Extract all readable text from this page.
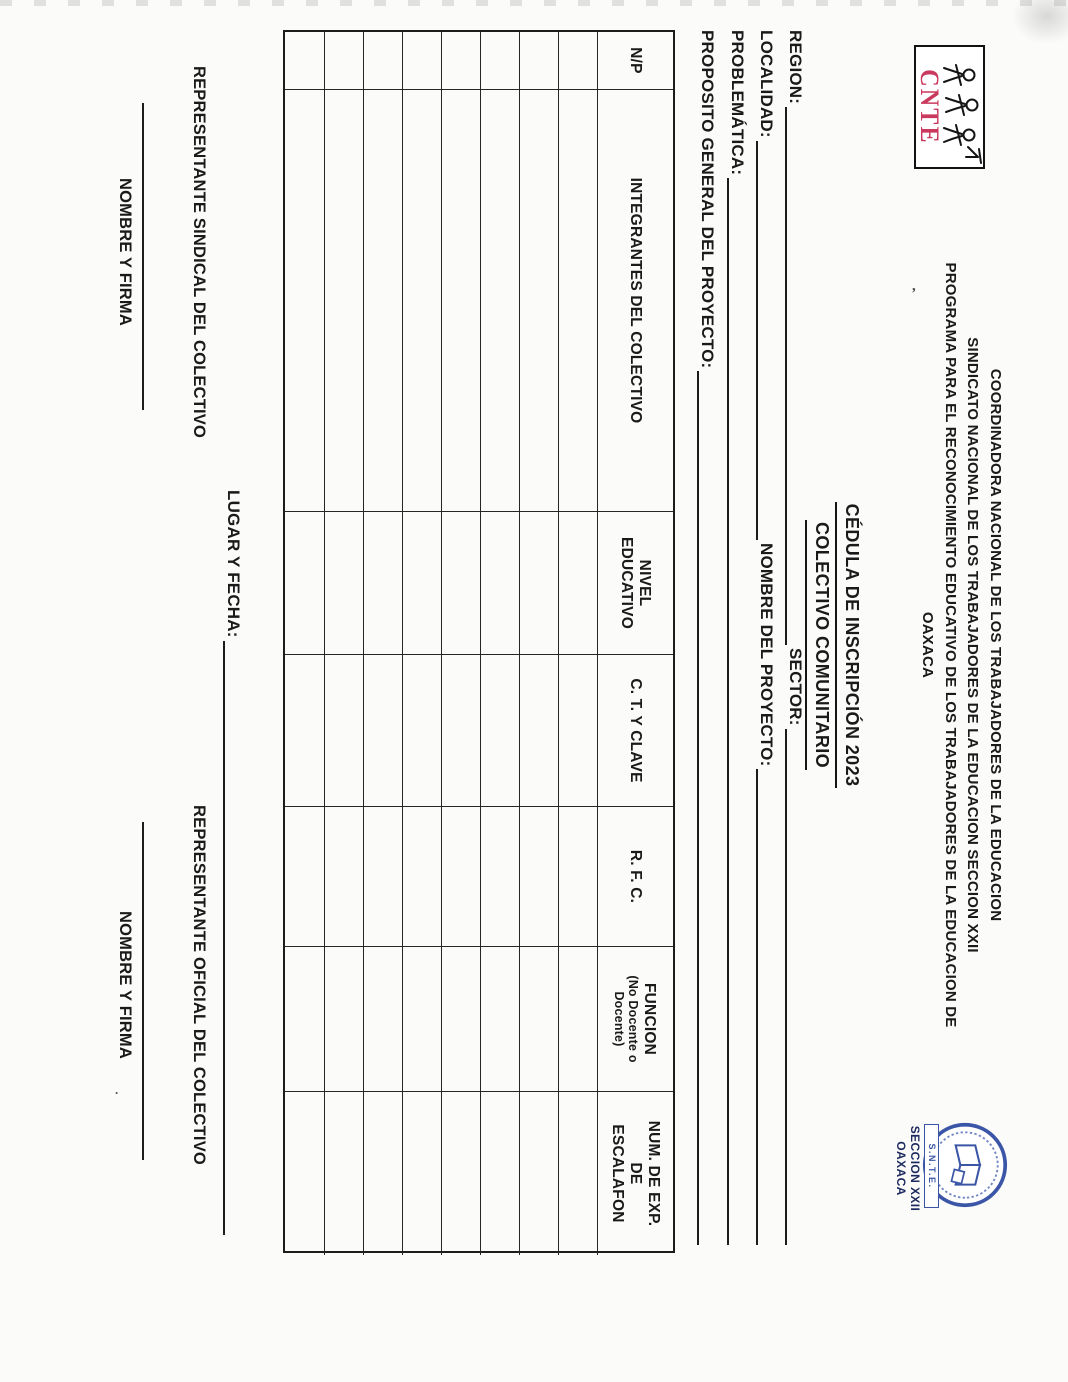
CNTE
S.N.T.E.
SECCION XXII
OAXACA
COORDINADORA NACIONAL DE LOS TRABAJADORES DE LA EDUCACION
SINDICATO NACIONAL DE LOS TRABAJADORES DE LA EDUCACION SECCION XXII
PROGRAMA PARA EL RECONOCIMIENTO EDUCATIVO DE LOS TRABAJADORES DE LA EDUCACION DE
OAXACA
CÉDULA DE INSCRIPCIÓN 2023
COLECTIVO COMUNITARIO
REGION:
SECTOR:
LOCALIDAD:
NOMBRE DEL PROYECTO:
PROBLEMÁTICA:
PROPOSITO GENERAL DEL PROYECTO:
N/P
INTEGRANTES DEL COLECTIVO
NIVEL
EDUCATIVO
C. T. Y CLAVE
R. F. C.
FUNCION
(No Docente o
Docente)
NUM. DE EXP.
DE
ESCALAFON
LUGAR Y FECHA:
REPRESENTANTE SINDICAL DEL COLECTIVO
NOMBRE Y FIRMA
REPRESENTANTE OFICIAL DEL COLECTIVO
NOMBRE Y FIRMA
,
.
